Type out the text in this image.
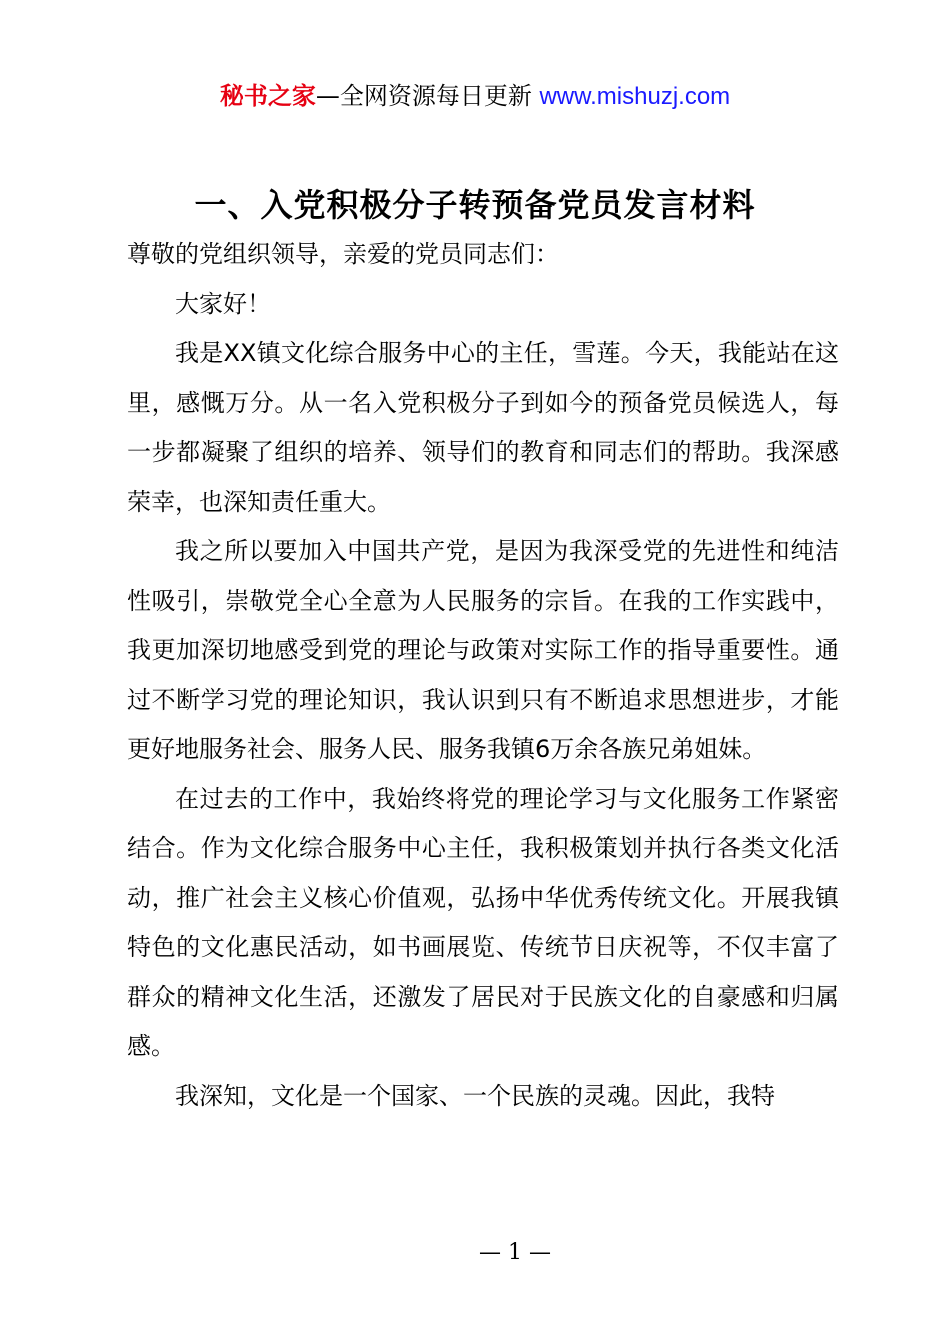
秘书之家—全网资源每日更新 www.mishuzj.com
一、入党积极分子转预备党员发言材料

尊敬的党组织领导，亲爱的党员同志们：

大家好！

我是XX镇文化综合服务中心的主任，雪莲。今天，我能站在这里，感慨万分。从一名入党积极分子到如今的预备党员候选人，每一步都凝聚了组织的培养、领导们的教育和同志们的帮助。我深感荣幸，也深知责任重大。

我之所以要加入中国共产党，是因为我深受党的先进性和纯洁性吸引，崇敬党全心全意为人民服务的宗旨。在我的工作实践中，我更加深切地感受到党的理论与政策对实际工作的指导重要性。通过不断学习党的理论知识，我认识到只有不断追求思想进步，才能更好地服务社会、服务人民、服务我镇6万余各族兄弟姐妹。

在过去的工作中，我始终将党的理论学习与文化服务工作紧密结合。作为文化综合服务中心主任，我积极策划并执行各类文化活动，推广社会主义核心价值观，弘扬中华优秀传统文化。开展我镇特色的文化惠民活动，如书画展览、传统节日庆祝等，不仅丰富了群众的精神文化生活，还激发了居民对于民族文化的自豪感和归属感。

我深知，文化是一个国家、一个民族的灵魂。因此，我特

— 1 —
